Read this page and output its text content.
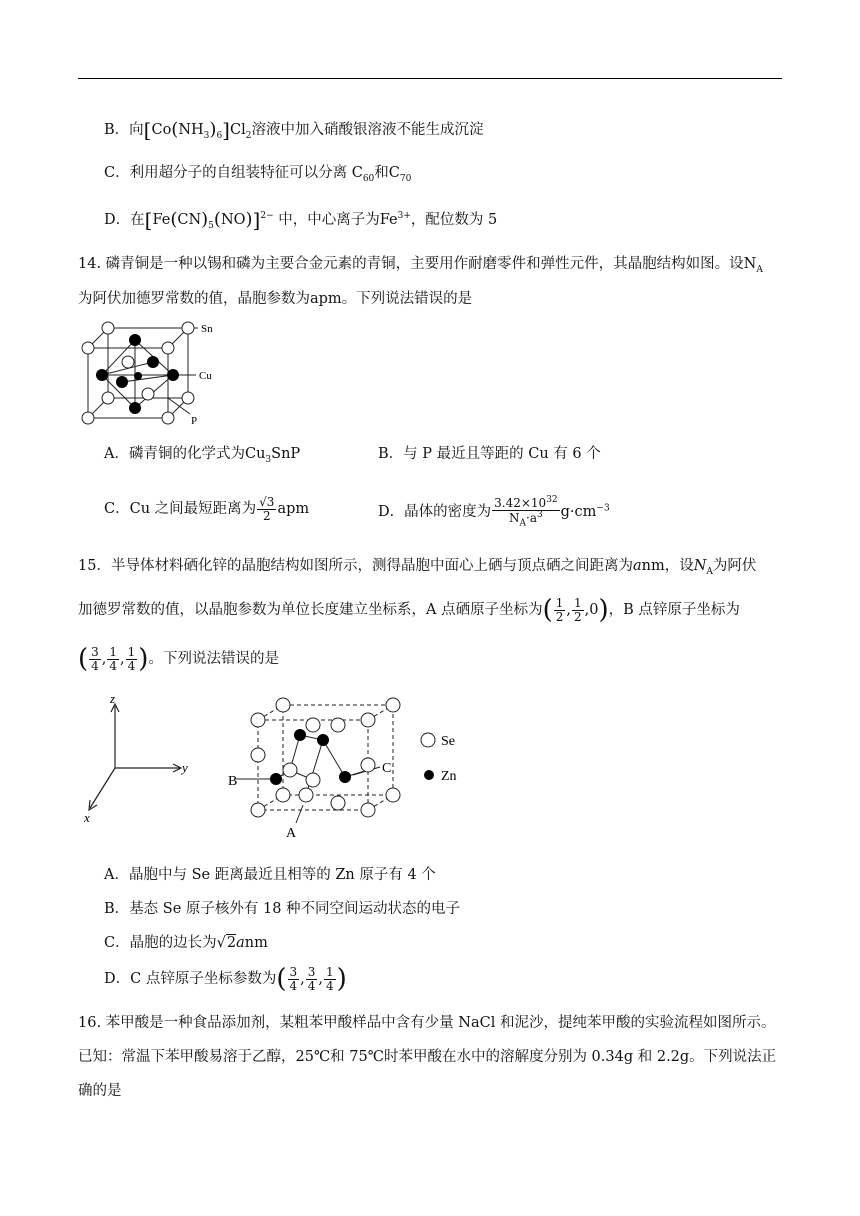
B．向$[Co(NH_3)_6]Cl_2$溶液中加入硝酸银溶液不能生成沉淀
C．利用超分子的自组装特征可以分离 $C_{60}$和$C_{70}$
D．在$[Fe(CN)_5(NO)]^{2-}$ 中，中心离子为$Fe^{3+}$，配位数为 5
14. 磷青铜是一种以锡和磷为主要合金元素的青铜，主要用作耐磨零件和弹性元件，其晶胞结构如图。设$N_A$
为阿伏加德罗常数的值，晶胞参数为apm。下列说法错误的是
Sn
Cu
P
A．磷青铜的化学式为$Cu_3SnP$	B．与 P 最近且等距的 Cu 有 6 个
C．Cu 之间最短距离为 $\frac{√3}{2}$ apm	D．晶体的密度为 $\frac{3.42\times 10^{32}}{N_A\cdot a^3} g\cdot cm^{-3}$
15．半导体材料硒化锌的晶胞结构如图所示，测得晶胞中面心上硒与顶点硒之间距离为anm，设$N_A$为阿伏
加德罗常数的值，以晶胞参数为单位长度建立坐标系，A 点硒原子坐标为( $\frac{1}{2}$ , $\frac{1}{2} ,0$)，B 点锌原子坐标为
( $\frac{3}{4}$ , $\frac{1}{4}$ , $\frac{1}{4}$ )。下列说法错误的是
z
y
x
B
C
A
Se
Zn
A．晶胞中与 Se 距离最近且相等的 Zn 原子有 4 个
B．基态 Se 原子核外有 18 种不同空间运动状态的电子
C．晶胞的边长为√2anm
D．C 点锌原子坐标参数为( $\frac{3}{4}$ , $\frac{3}{4}$ , $\frac{1}{4}$ )
16. 苯甲酸是一种食品添加剂，某粗苯甲酸样品中含有少量 NaCl 和泥沙，提纯苯甲酸的实验流程如图所示。
已知：常温下苯甲酸易溶于乙醇，25℃和 75℃时苯甲酸在水中的溶解度分别为 0.34g 和 2.2g。下列说法正
确的是
